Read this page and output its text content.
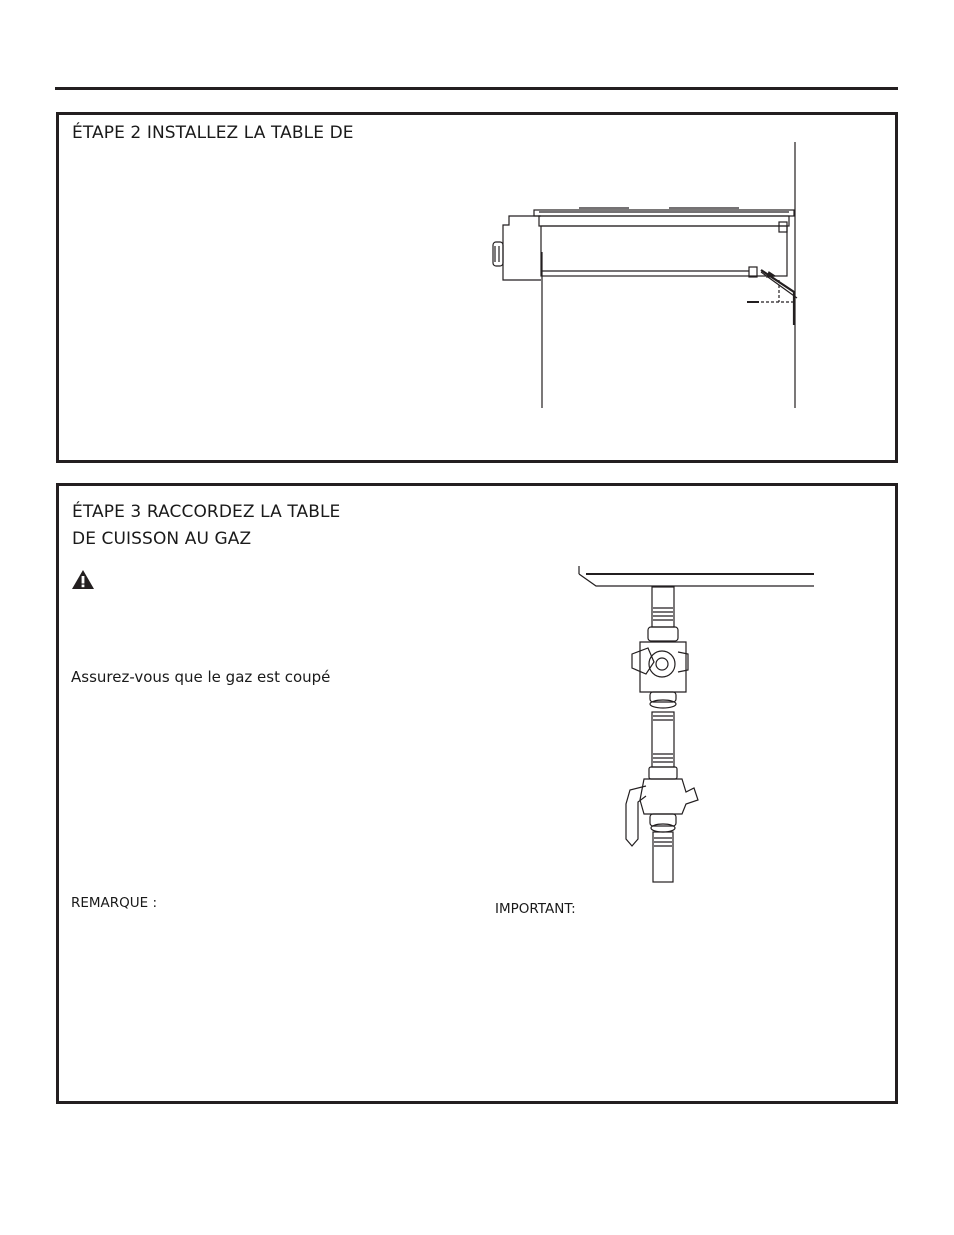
ÉTAPE 2 INSTALLEZ LA TABLE DE
ÉTAPE 3 RACCORDEZ LA TABLE
DE CUISSON AU GAZ
Assurez-vous que le gaz est coupé
REMARQUE :	IMPORTANT:
